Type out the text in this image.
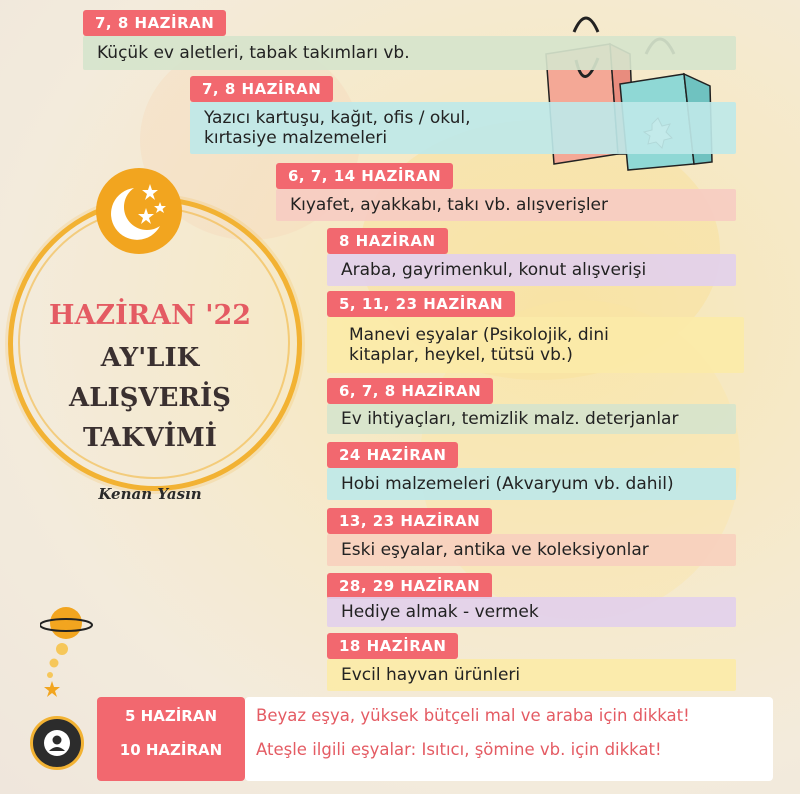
HAZİRAN '22
AY'LIK
ALIŞVERİŞ
TAKVİMİ
Kenan Yasın
7, 8 HAZİRAN
Küçük ev aletleri, tabak takımları vb.
7, 8 HAZİRAN
Yazıcı kartuşu, kağıt, ofis / okul,
kırtasiye malzemeleri
6, 7, 14 HAZİRAN
Kıyafet, ayakkabı, takı vb. alışverişler
8 HAZİRAN
Araba, gayrimenkul, konut alışverişi
5, 11, 23 HAZİRAN
Manevi eşyalar (Psikolojik, dini
kitaplar, heykel, tütsü vb.)
6, 7, 8 HAZİRAN
Ev ihtiyaçları, temizlik malz. deterjanlar
24 HAZİRAN
Hobi malzemeleri (Akvaryum vb. dahil)
13, 23 HAZİRAN
Eski eşyalar, antika ve koleksiyonlar
28, 29 HAZİRAN
Hediye almak - vermek
18 HAZİRAN
Evcil hayvan ürünleri
5 HAZİRAN
10 HAZİRAN
Beyaz eşya, yüksek bütçeli mal ve araba için dikkat!
Ateşle ilgili eşyalar: Isıtıcı, şömine vb. için dikkat!
